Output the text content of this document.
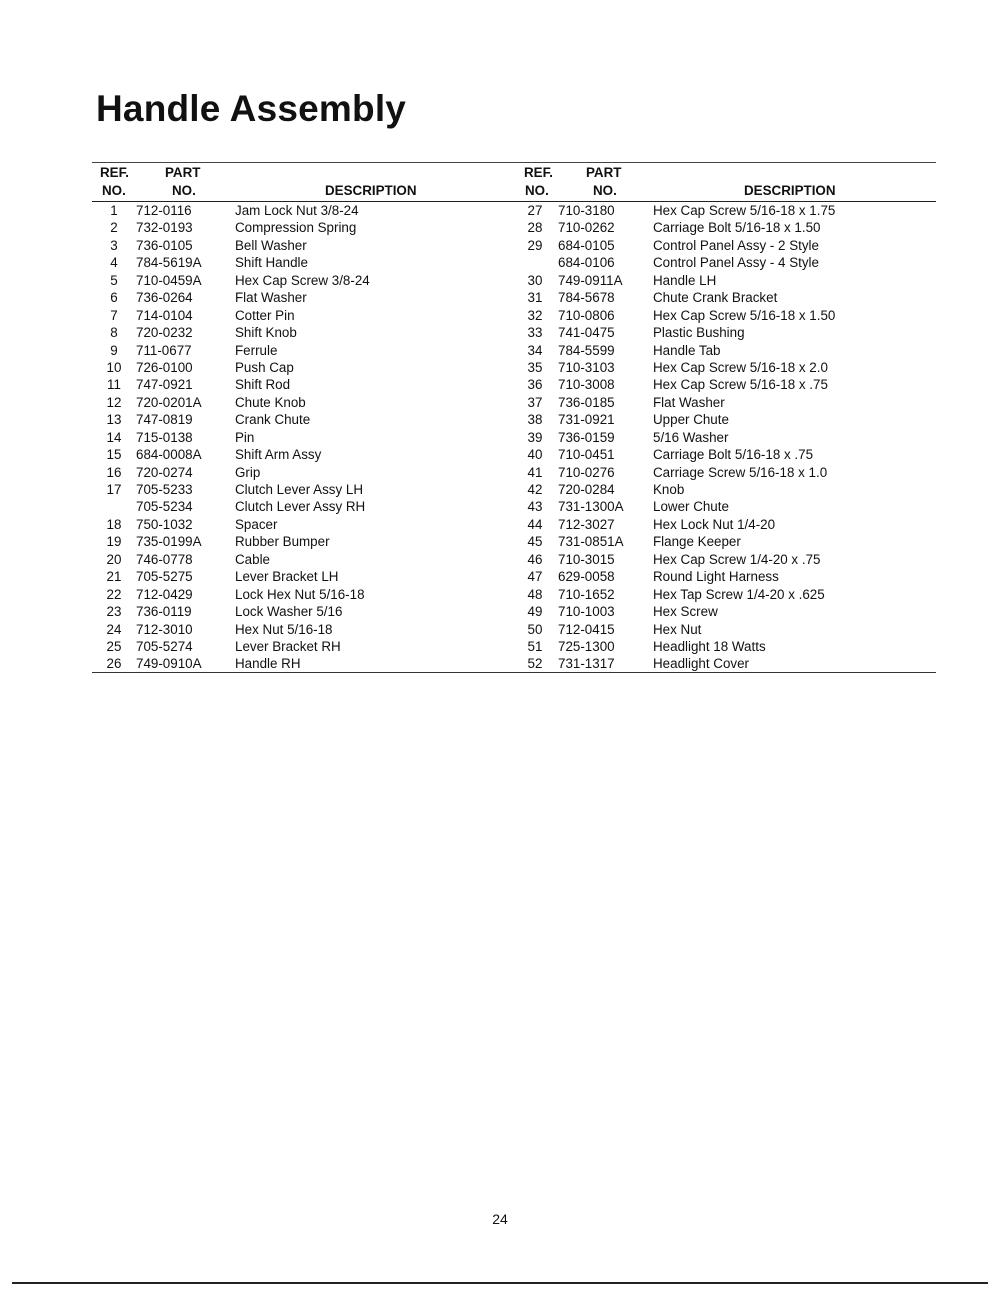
Handle Assembly
REF.
NO.
PART
NO.	DESCRIPTION
1	712-0116	Jam Lock Nut 3/8-24
2	732-0193	Compression Spring
3	736-0105	Bell Washer
4	784-5619A Shift Handle
5	710-0459A Hex Cap Screw 3/8-24
6	736-0264	Flat Washer
7	714-0104	Cotter Pin
8	720-0232	Shift Knob
9	711-0677	Ferrule
10	726-0100	Push Cap
11	747-0921	Shift Rod
12	720-0201A Chute Knob
13	747-0819	Crank Chute
14	715-0138	Pin
15	684-0008A Shift Arm Assy
16	720-0274	Grip
17	705-5233	Clutch Lever Assy LH
705-5234	Clutch Lever Assy RH
18	750-1032	Spacer
19	735-0199A Rubber Bumper
20	746-0778	Cable
21	705-5275	Lever Bracket LH
22	712-0429	Lock Hex Nut 5/16-18
23	736-0119	Lock Washer 5/16
24	712-3010	Hex Nut 5/16-18
25	705-5274	Lever Bracket RH
26	749-0910A Handle RH
REF.
NO.
PART
NO.	DESCRIPTION
27	710-3180	Hex Cap Screw 5/16-18 x 1.75
28	710-0262	Carriage Bolt 5/16-18 x 1.50
29	684-0105	Control Panel Assy - 2 Style
684-0106	Control Panel Assy - 4 Style
30	749-0911A Handle LH
31	784-5678	Chute Crank Bracket
32	710-0806	Hex Cap Screw 5/16-18 x 1.50
33	741-0475	Plastic Bushing
34	784-5599	Handle Tab
35	710-3103	Hex Cap Screw 5/16-18 x 2.0
36	710-3008	Hex Cap Screw 5/16-18 x .75
37	736-0185	Flat Washer
38	731-0921	Upper Chute
39	736-0159	5/16 Washer
40	710-0451	Carriage Bolt 5/16-18 x .75
41	710-0276	Carriage Screw 5/16-18 x 1.0
42	720-0284	Knob
43	731-1300A Lower Chute
44	712-3027	Hex Lock Nut 1/4-20
45	731-0851A Flange Keeper
46	710-3015	Hex Cap Screw 1/4-20 x .75
47	629-0058	Round Light Harness
48	710-1652	Hex Tap Screw 1/4-20 x .625
49	710-1003	Hex Screw
50	712-0415	Hex Nut
51	725-1300	Headlight 18 Watts
52	731-1317	Headlight Cover
24
